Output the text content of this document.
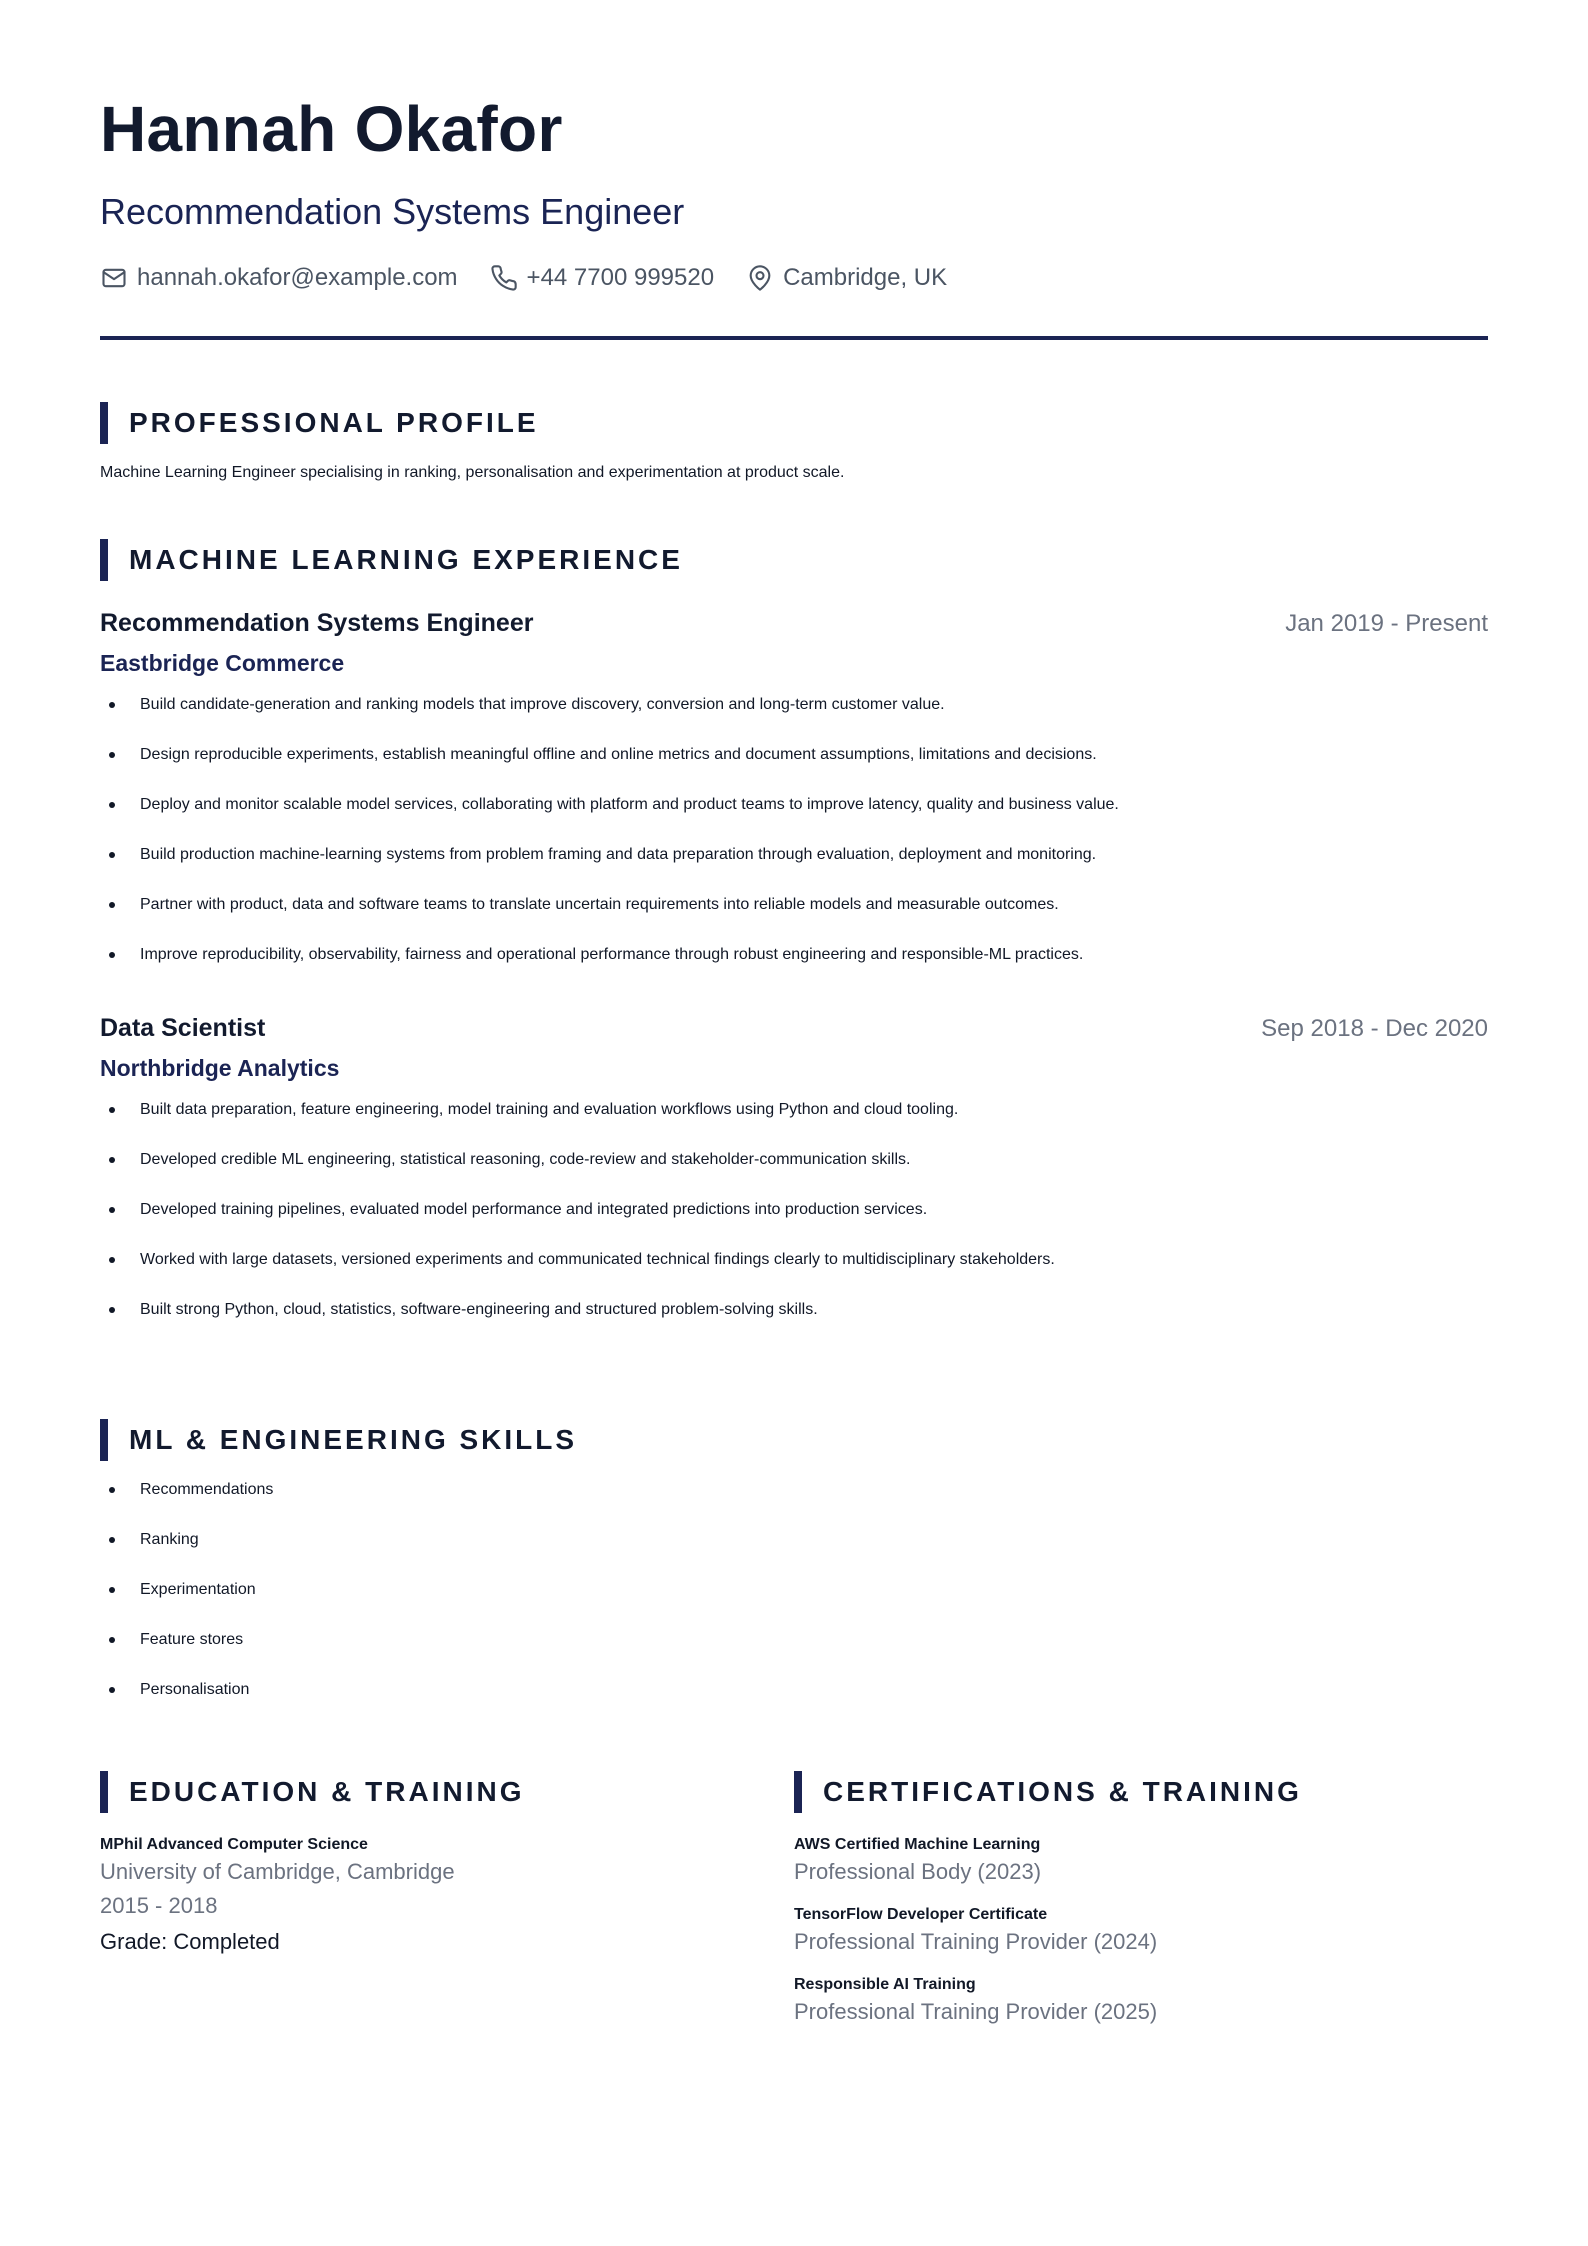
Hannah Okafor
Recommendation Systems Engineer
hannah.okafor@example.com	+44 7700 999520	Cambridge, UK
PROFESSIONAL PROFILE
Machine Learning Engineer specialising in ranking, personalisation and experimentation at product scale.
MACHINE LEARNING EXPERIENCE
Recommendation Systems Engineer	Jan 2019 - Present
Eastbridge Commerce
Build candidate-generation and ranking models that improve discovery, conversion and long-term customer value.
Design reproducible experiments, establish meaningful offline and online metrics and document assumptions, limitations and decisions.
Deploy and monitor scalable model services, collaborating with platform and product teams to improve latency, quality and business value.
Build production machine-learning systems from problem framing and data preparation through evaluation, deployment and monitoring.
Partner with product, data and software teams to translate uncertain requirements into reliable models and measurable outcomes.
Improve reproducibility, observability, fairness and operational performance through robust engineering and responsible-ML practices.
Data Scientist	Sep 2018 - Dec 2020
Northbridge Analytics
Built data preparation, feature engineering, model training and evaluation workflows using Python and cloud tooling.
Developed credible ML engineering, statistical reasoning, code-review and stakeholder-communication skills.
Developed training pipelines, evaluated model performance and integrated predictions into production services.
Worked with large datasets, versioned experiments and communicated technical findings clearly to multidisciplinary stakeholders.
Built strong Python, cloud, statistics, software-engineering and structured problem-solving skills.
ML & ENGINEERING SKILLS
Recommendations
Ranking
Experimentation
Feature stores
Personalisation
EDUCATION & TRAINING
MPhil Advanced Computer Science
University of Cambridge, Cambridge
2015 - 2018
Grade: Completed
CERTIFICATIONS & TRAINING
AWS Certified Machine Learning
Professional Body (2023)
TensorFlow Developer Certificate
Professional Training Provider (2024)
Responsible AI Training
Professional Training Provider (2025)
